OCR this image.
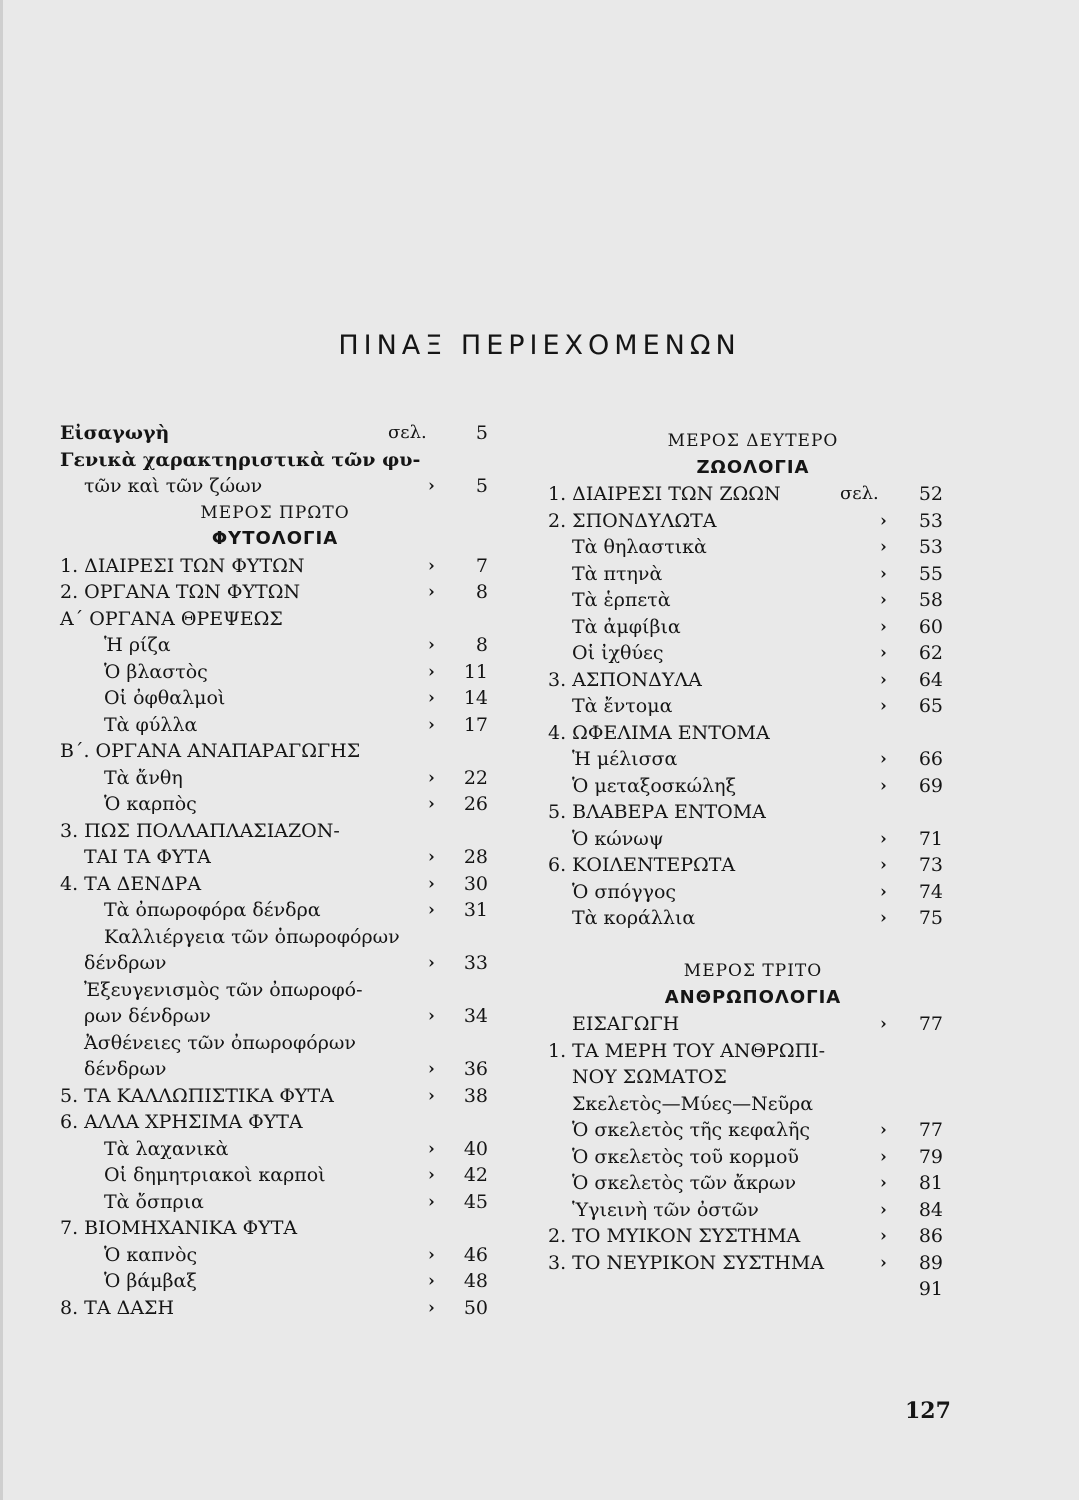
ΠΙΝΑΞ ΠΕΡΙΕΧΟΜΕΝΩΝ
Εἰσαγωγὴ	σελ.	5
Γενικὰ χαρακτηριστικὰ τῶν φυ-
τῶν καὶ τῶν ζώων	›	5
ΜΕΡΟΣ ΠΡΩΤΟ
ΦΥΤΟΛΟΓΙΑ
1. ΔΙΑΙΡΕΣΙ ΤΩΝ ΦΥΤΩΝ	›	7
2. ΟΡΓΑΝΑ ΤΩΝ ΦΥΤΩΝ	›	8
Α΄ ΟΡΓΑΝΑ ΘΡΕΨΕΩΣ
Ἡ ρίζα	›	8
Ὁ βλαστὸς	›	11
Οἱ ὀφθαλμοὶ	›	14
Τὰ φύλλα	›	17
Β΄. ΟΡΓΑΝΑ ΑΝΑΠΑΡΑΓΩΓΗΣ
Τὰ ἄνθη	›	22
Ὁ καρπὸς	›	26
3. ΠΩΣ ΠΟΛΛΑΠΛΑΣΙΑΖΟΝ-
ΤΑΙ ΤΑ ΦΥΤΑ	›	28
4. ΤΑ ΔΕΝΔΡΑ	›	30
Τὰ ὀπωροφόρα δένδρα	›	31
Καλλιέργεια τῶν ὀπωροφόρων
δένδρων	›	33
Ἐξευγενισμὸς τῶν ὀπωροφό-
ρων δένδρων	›	34
Ἀσθένειες τῶν ὀπωροφόρων
δένδρων	›	36
5. ΤΑ ΚΑΛΛΩΠΙΣΤΙΚΑ ΦΥΤΑ	›	38
6. ΑΛΛΑ ΧΡΗΣΙΜΑ ΦΥΤΑ
Τὰ λαχανικὰ	›	40
Οἱ δημητριακοὶ καρποὶ	›	42
Τὰ ὄσπρια	›	45
7. ΒΙΟΜΗΧΑΝΙΚΑ ΦΥΤΑ
Ὁ καπνὸς	›	46
Ὁ βάμβαξ	›	48
8. ΤΑ ΔΑΣΗ	›	50
ΜΕΡΟΣ ΔΕΥΤΕΡΟ
ΖΩΟΛΟΓΙΑ
1. ΔΙΑΙΡΕΣΙ ΤΩΝ ΖΩΩΝ	σελ.	52
2. ΣΠΟΝΔΥΛΩΤΑ	›	53
Τὰ θηλαστικὰ	›	53
Τὰ πτηνὰ	›	55
Τὰ ἑρπετὰ	›	58
Τὰ ἀμφίβια	›	60
Οἱ ἰχθύες	›	62
3. ΑΣΠΟΝΔΥΛΑ	›	64
Τὰ ἔντομα	›	65
4. ΩΦΕΛΙΜΑ ΕΝΤΟΜΑ
Ἡ μέλισσα	›	66
Ὁ μεταξοσκώληξ	›	69
5. ΒΛΑΒΕΡΑ ΕΝΤΟΜΑ
Ὁ κώνωψ	›	71
6. ΚΟΙΛΕΝΤΕΡΩΤΑ	›	73
Ὁ σπόγγος	›	74
Τὰ κοράλλια	›	75
ΜΕΡΟΣ ΤΡΙΤΟ
ΑΝΘΡΩΠΟΛΟΓΙΑ
ΕΙΣΑΓΩΓΗ	›	77
1. ΤΑ ΜΕΡΗ ΤΟΥ ΑΝΘΡΩΠΙ-
ΝΟΥ ΣΩΜΑΤΟΣ
Σκελετὸς—Μύες—Νεῦρα
Ὁ σκελετὸς τῆς κεφαλῆς	›	77
Ὁ σκελετὸς τοῦ κορμοῦ	›	79
Ὁ σκελετὸς τῶν ἄκρων	›	81
Ὑγιεινὴ τῶν ὀστῶν	›	84
2. ΤΟ ΜΥΙΚΟΝ ΣΥΣΤΗΜΑ	›	86
3. ΤΟ ΝΕΥΡΙΚΟΝ ΣΥΣΤΗΜΑ	›	89
91
127
